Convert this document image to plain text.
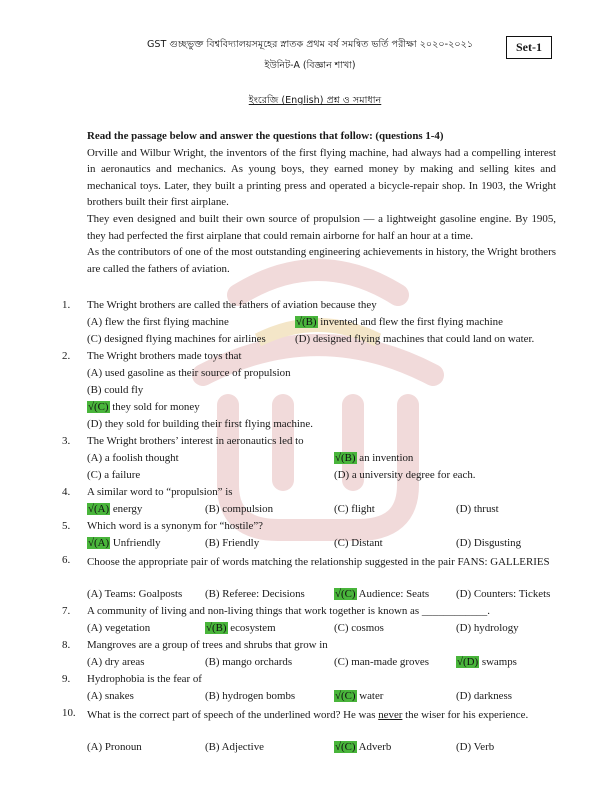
GST গুচ্ছভুক্ত বিশ্ববিদ্যালয়সমূহের স্নাতক প্রথম বর্ষ সমন্বিত ভর্তি পরীক্ষা ২০২০-২০২১
ইউনিট-A (বিজ্ঞান শাখা)
Set-1
ইংরেজি (English) প্রশ্ন ও সমাধান

Read the passage below and answer the questions that follow: (questions 1-4)

Orville and Wilbur Wright, the inventors of the first flying machine, had always had a compelling interest in aeronautics and mechanics. As young boys, they earned money by making and selling kites and mechanical toys. Later, they built a printing press and operated a bicycle-repair shop. In 1903, the Wright brothers built their first airplane.

They even designed and built their own source of propulsion — a lightweight gasoline engine. By 1905, they had perfected the first airplane that could remain airborne for half an hour at a time.

As the contributors of one of the most outstanding engineering achievements in history, the Wright brothers are called the fathers of aviation.

1.	The Wright brothers are called the fathers of aviation because they
(A) flew the first flying machine	√(B) invented and flew the first flying machine
(C) designed flying machines for airlines	(D) designed flying machines that could land on water.
2.	The Wright brothers made toys that
(A) used gasoline as their source of propulsion
(B) could fly
√(C) they sold for money
(D) they sold for building their first flying machine.
3.	The Wright brothers’ interest in aeronautics led to
(A) a foolish thought	√(B) an invention
(C) a failure	(D) a university degree for each.
4.	A similar word to “propulsion” is
√(A) energy	(B) compulsion	(C) flight	(D) thrust
5.	Which word is a synonym for “hostile”?
√(A) Unfriendly	(B) Friendly	(C) Distant	(D) Disgusting
6.	Choose the appropriate pair of words matching the relationship suggested in the pair FANS: GALLERIES
(A) Teams: Goalposts (B) Referee: Decisions	√(C) Audience: Seats (D) Counters: Tickets
7.	A community of living and non-living things that work together is known as ____________.
(A) vegetation	√(B) ecosystem	(C) cosmos	(D) hydrology
8.	Mangroves are a group of trees and shrubs that grow in
(A) dry areas	(B) mango orchards	(C) man-made groves	√(D) swamps
9.	Hydrophobia is the fear of
(A) snakes	(B) hydrogen bombs	√(C) water	(D) darkness
10.	What is the correct part of speech of the underlined word? He was never the wiser for his experience.
(A) Pronoun	(B) Adjective	√(C) Adverb	(D) Verb
